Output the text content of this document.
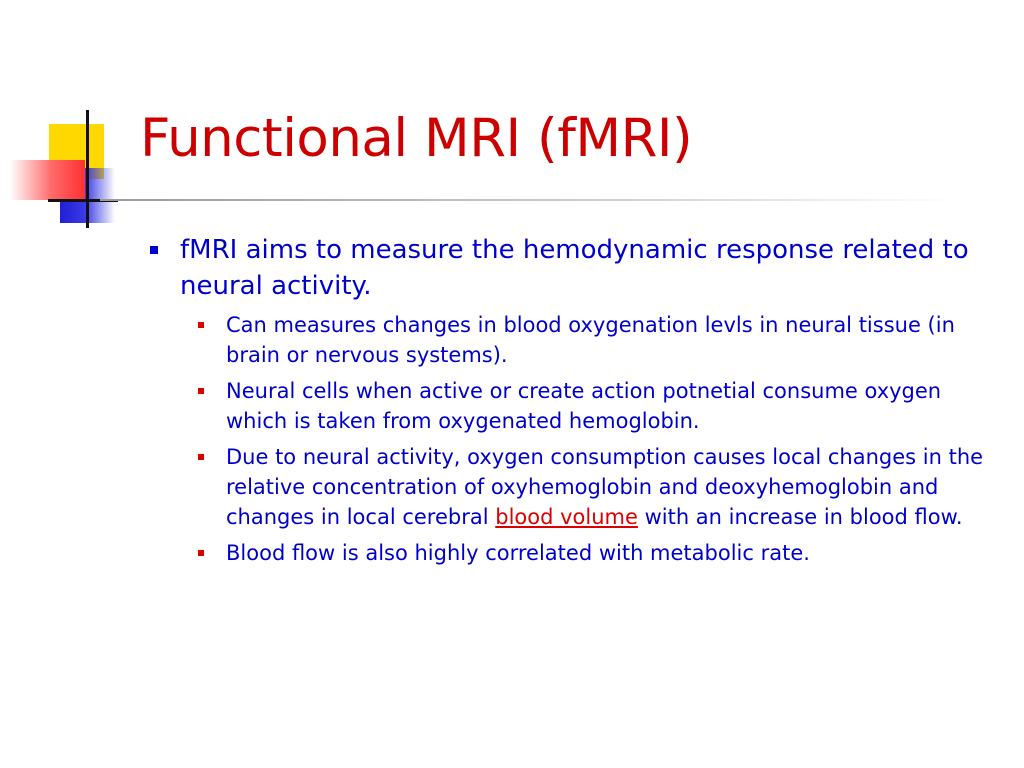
Functional MRI (fMRI)
fMRI aims to measure the hemodynamic response related to neural activity.
Can measures changes in blood oxygenation levls in neural tissue (in brain or nervous systems).
Neural cells when active or create action potnetial consume oxygen which is taken from oxygenated hemoglobin.
Due to neural activity, oxygen consumption causes local changes in the relative concentration of oxyhemoglobin and deoxyhemoglobin and changes in local cerebral blood volume with an increase in blood flow.
Blood flow is also highly correlated with metabolic rate.
